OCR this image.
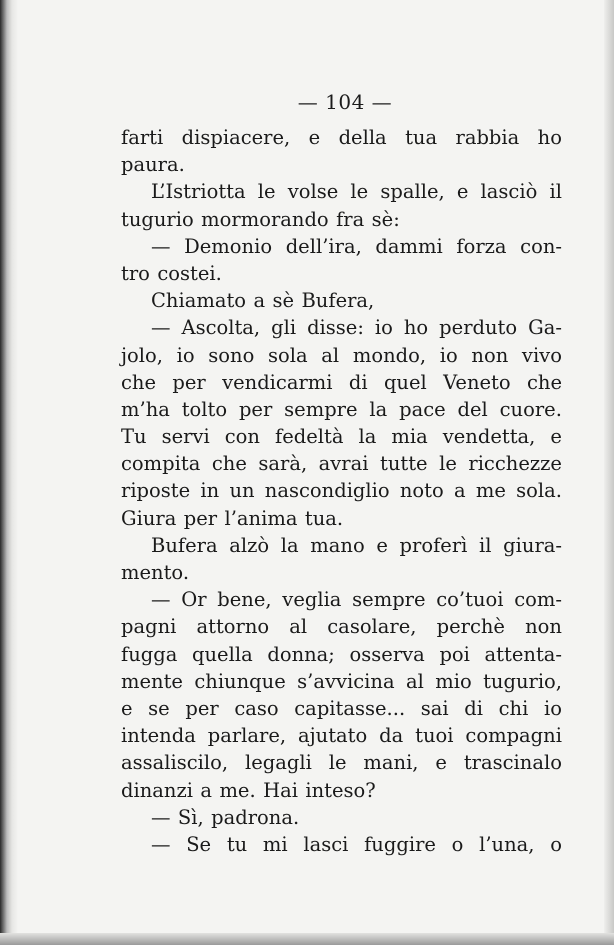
— 104 —
farti dispiacere, e della tua rabbia ho
paura.
L’Istriotta le volse le spalle, e lasciò il
tugurio mormorando fra sè:
— Demonio dell’ira, dammi forza con-
tro costei.
Chiamato a sè Bufera,
— Ascolta, gli disse: io ho perduto Ga-
jolo, io sono sola al mondo, io non vivo
che per vendicarmi di quel Veneto che
m’ha tolto per sempre la pace del cuore.
Tu servi con fedeltà la mia vendetta, e
compita che sarà, avrai tutte le ricchezze
riposte in un nascondiglio noto a me sola.
Giura per l’anima tua.
Bufera alzò la mano e proferì il giura-
mento.
— Or bene, veglia sempre co’tuoi com-
pagni attorno al casolare, perchè non
fugga quella donna; osserva poi attenta-
mente chiunque s’avvicina al mio tugurio,
e se per caso capitasse... sai di chi io
intenda parlare, ajutato da tuoi compagni
assaliscilo, legagli le mani, e trascinalo
dinanzi a me. Hai inteso?
— Sì, padrona.
— Se tu mi lasci fuggire o l’una, o
